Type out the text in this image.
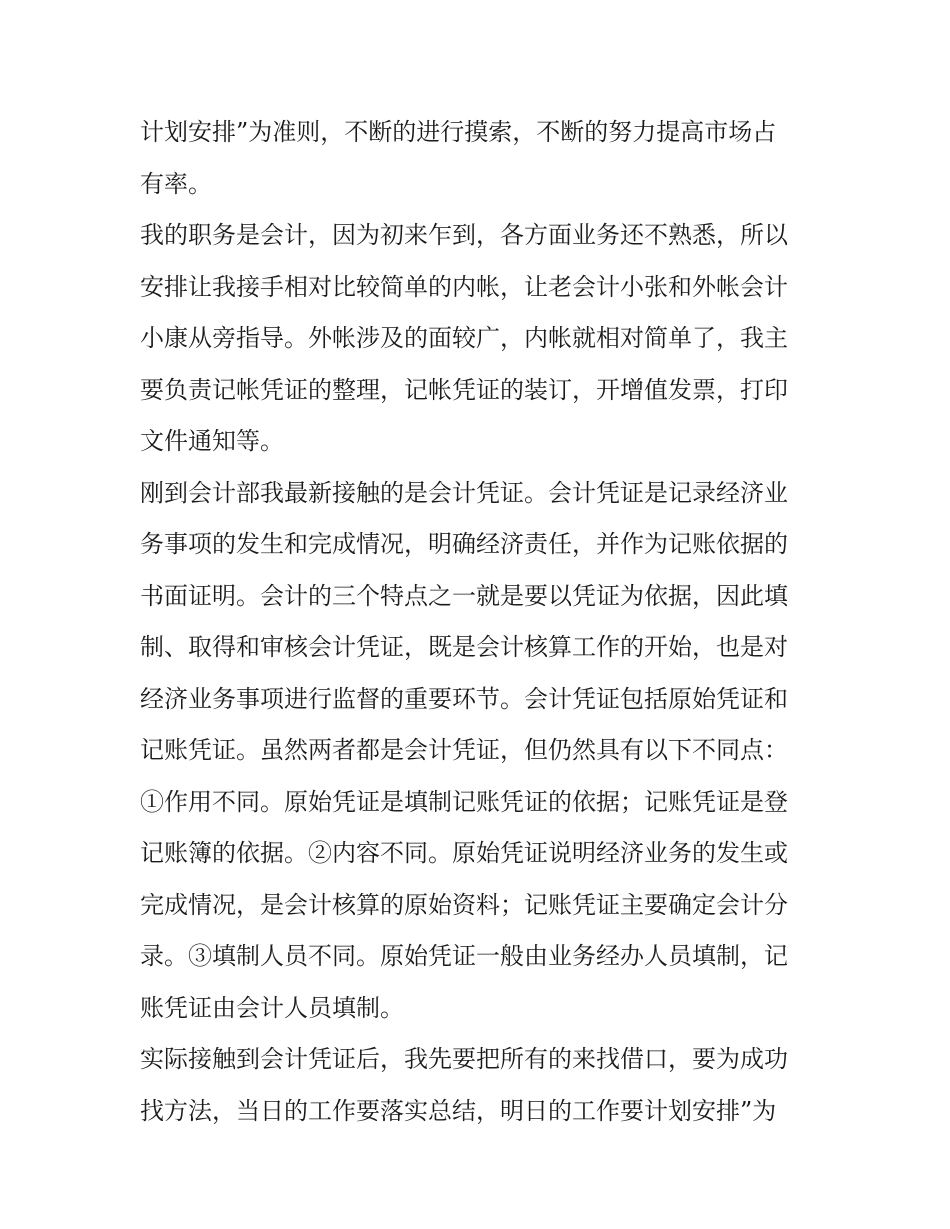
计划安排”为准则，不断的进行摸索，不断的努力提高市场占
有率。
我的职务是会计，因为初来乍到，各方面业务还不熟悉，所以
安排让我接手相对比较简单的内帐，让老会计小张和外帐会计
小康从旁指导。外帐涉及的面较广，内帐就相对简单了，我主
要负责记帐凭证的整理，记帐凭证的装订，开增值发票，打印
文件通知等。
刚到会计部我最新接触的是会计凭证。会计凭证是记录经济业
务事项的发生和完成情况，明确经济责任，并作为记账依据的
书面证明。会计的三个特点之一就是要以凭证为依据，因此填
制、取得和审核会计凭证，既是会计核算工作的开始，也是对
经济业务事项进行监督的重要环节。会计凭证包括原始凭证和
记账凭证。虽然两者都是会计凭证，但仍然具有以下不同点：
①作用不同。原始凭证是填制记账凭证的依据；记账凭证是登
记账簿的依据。②内容不同。原始凭证说明经济业务的发生或
完成情况，是会计核算的原始资料；记账凭证主要确定会计分
录。③填制人员不同。原始凭证一般由业务经办人员填制，记
账凭证由会计人员填制。
实际接触到会计凭证后，我先要把所有的来找借口，要为成功
找方法，当日的工作要落实总结，明日的工作要计划安排”为
